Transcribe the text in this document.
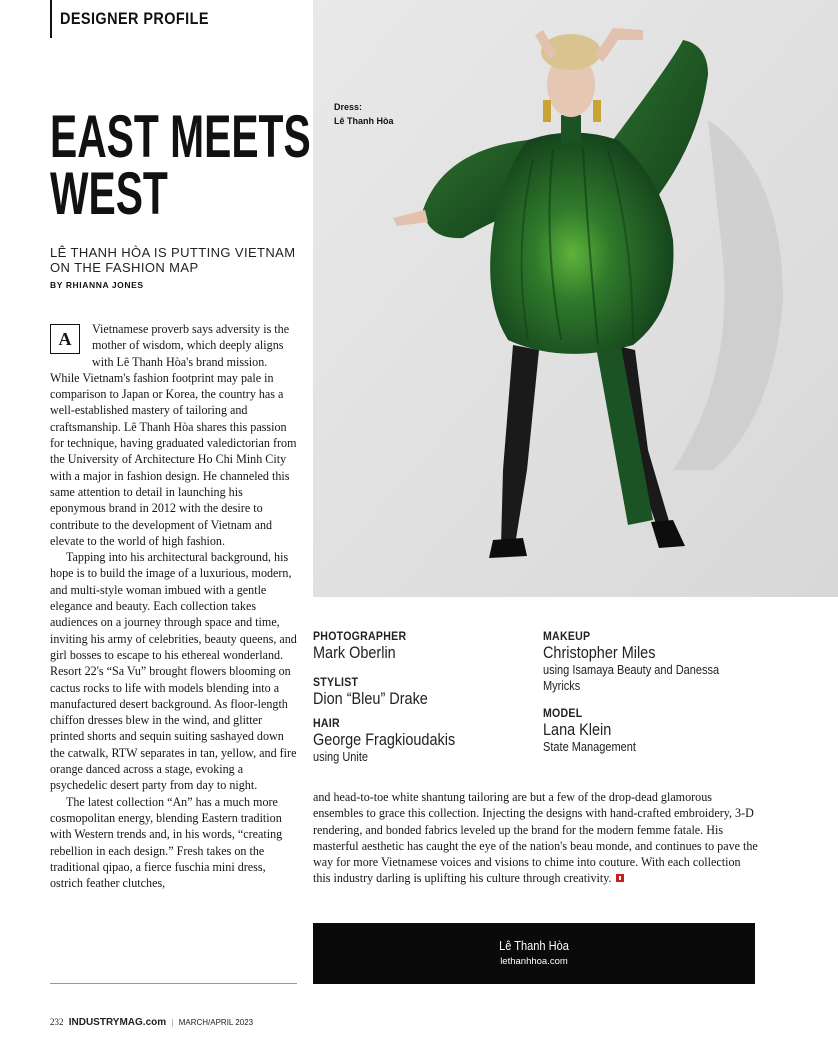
DESIGNER PROFILE
EAST MEETS
WEST
LÊ THANH HÒA IS PUTTING VIETNAM ON THE FASHION MAP
BY RHIANNA JONES

A	Vietnamese proverb says adversity is the mother of wisdom, which deeply aligns with Lê Thanh Hòa's brand mission. While Vietnam's fashion footprint may pale in comparison to Japan or Korea, the country has a well-established mastery of tailoring and craftsmanship. Lê Thanh Hòa shares this passion for technique, having graduated valedictorian from the University of Architecture Ho Chi Minh City with a major in fashion design. He channeled this same attention to detail in launching his eponymous brand in 2012 with the desire to contribute to the development of Vietnam and elevate to the world of high fashion.

Tapping into his architectural background, his hope is to build the image of a luxurious, modern, and multi-style woman imbued with a gentle elegance and beauty. Each collection takes audiences on a journey through space and time, inviting his army of celebrities, beauty queens, and girl bosses to escape to his ethereal wonderland. Resort 22's “Sa Vu” brought flowers blooming on cactus rocks to life with models blending into a manufactured desert background. As floor-length chiffon dresses blew in the wind, and glitter printed shorts and sequin suiting sashayed down the catwalk, RTW separates in tan, yellow, and fire orange danced across a stage, evoking a psychedelic desert party from day to night.

The latest collection “An” has a much more cosmopolitan energy, blending Eastern tradition with Western trends and, in his words, “creating rebellion in each design.” Fresh takes on the traditional qipao, a fierce fuschia mini dress, ostrich feather clutches,

Dress:
Lê Thanh Hòa
PHOTOGRAPHER
Mark Oberlin
STYLIST
Dion “Bleu” Drake
HAIR
George Fragkioudakis
using Unite
MAKEUP
Christopher Miles
using Isamaya Beauty and Danessa Myricks
MODEL
Lana Klein
State Management

and head-to-toe white shantung tailoring are but a few of the drop-dead glamorous ensembles to grace this collection. Injecting the designs with hand-crafted embroidery, 3-D rendering, and bonded fabrics leveled up the brand for the modern femme fatale. His masterful aesthetic has caught the eye of the nation's beau monde, and continues to pave the way for more Vietnamese voices and visions to chime into couture. With each collection this industry darling is uplifting his culture through creativity.

Lê Thanh Hòa
lethanhhoa.com
232 INDUSTRYMAG.com | MARCH/APRIL 2023
